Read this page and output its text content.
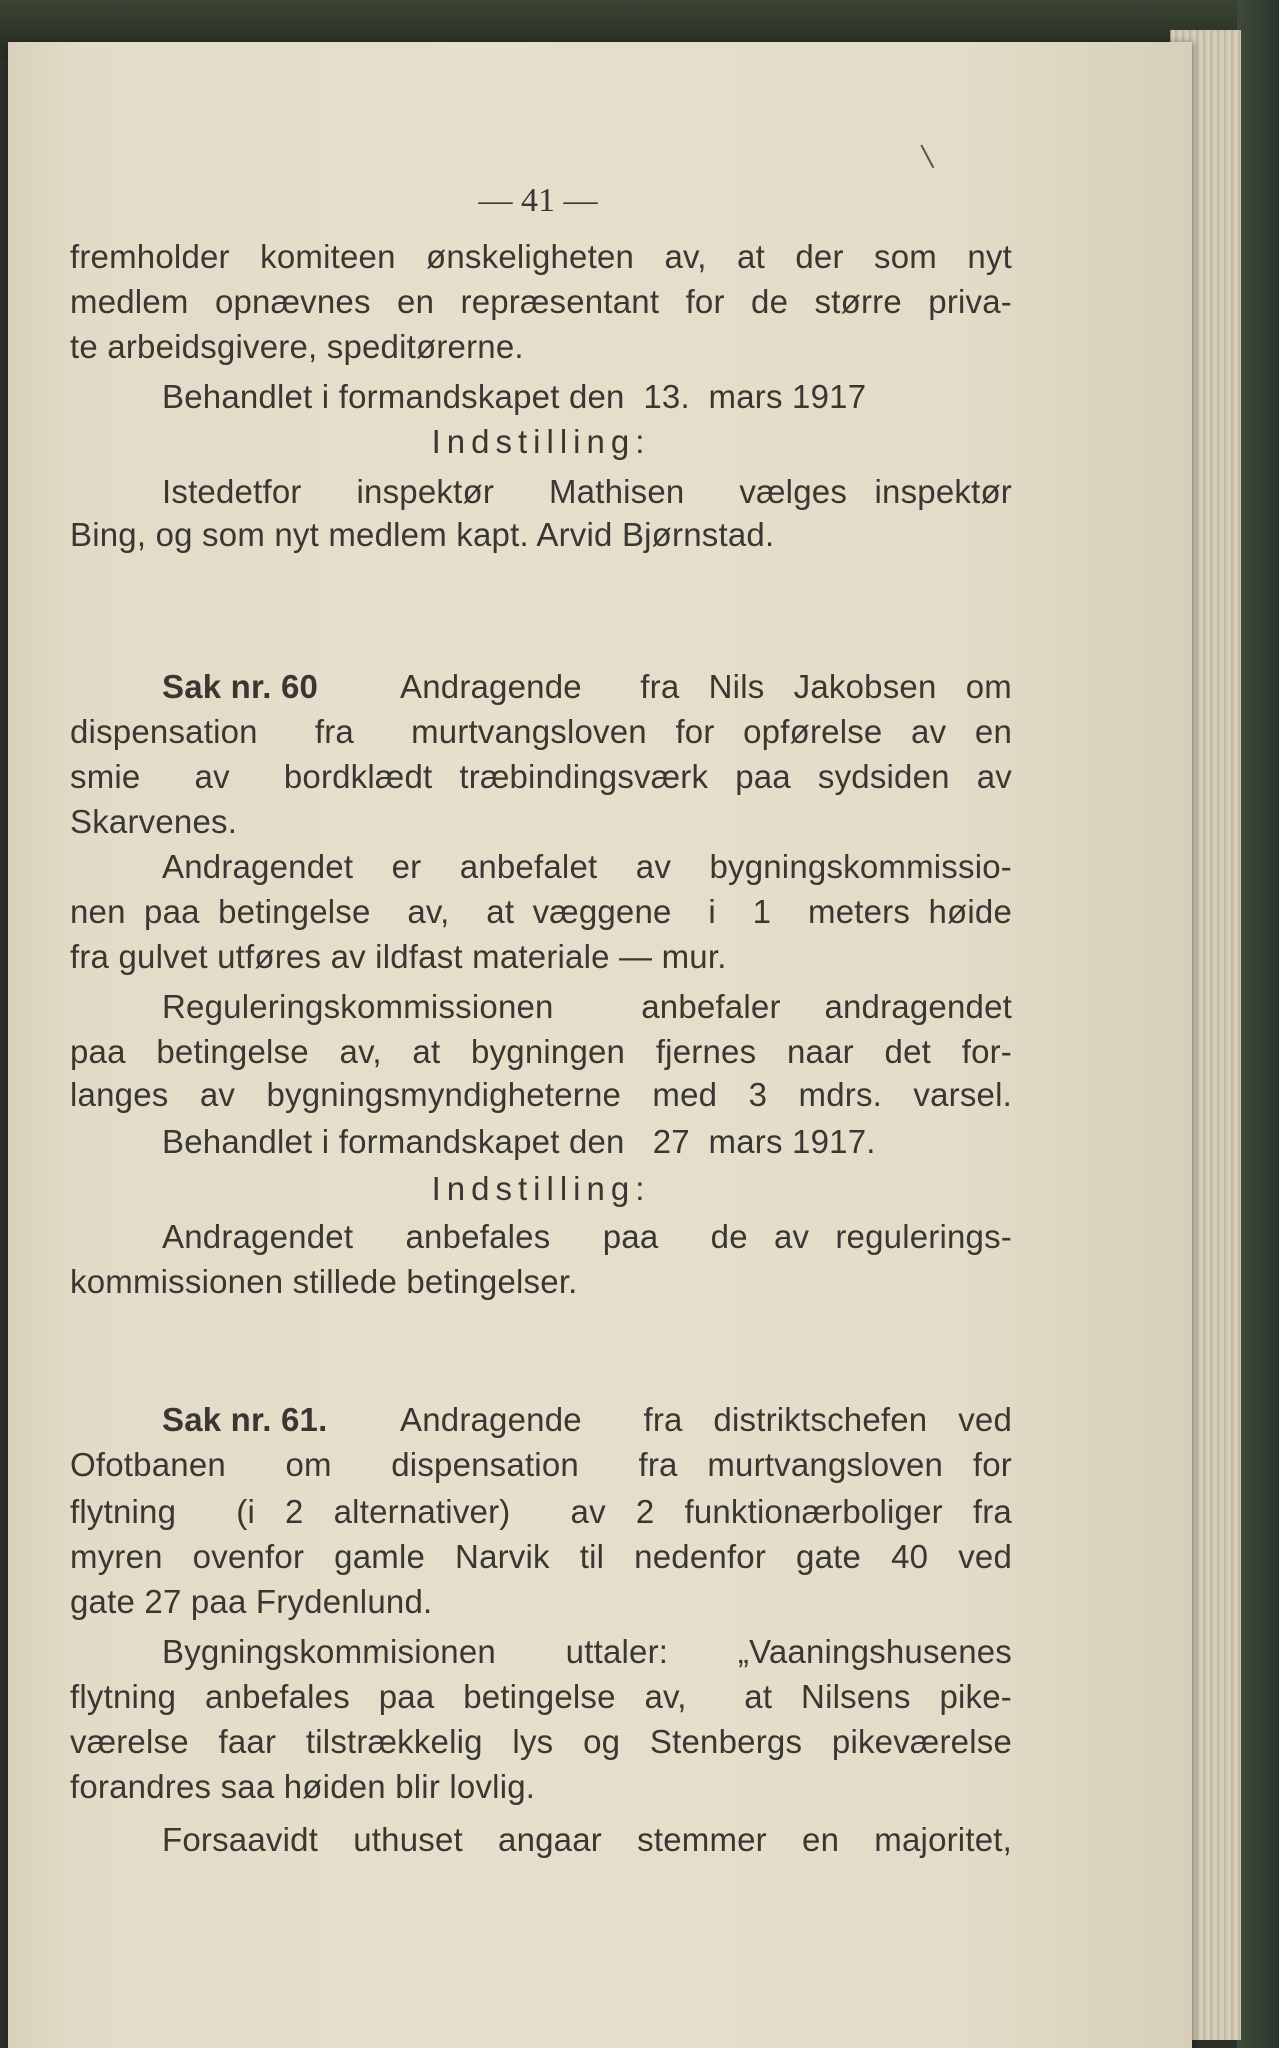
— 41 —
fremholder komiteen ønskeligheten av, at der som nyt
medlem opnævnes en repræsentant for de større priva-
te arbeidsgivere, speditørerne.
Behandlet i formandskapet den  13.  mars 1917
Indstilling:
Istedetfor  inspektør  Mathisen  vælges inspektør
Bing, og som nyt medlem kapt. Arvid Bjørnstad.
Sak nr. 60 Andragende  fra Nils Jakobsen om
dispensation  fra  murtvangsloven for opførelse av en
smie  av  bordklædt træbindingsværk paa sydsiden av
Skarvenes.
Andragendet er anbefalet av bygningskommissio-
nen paa betingelse  av,  at væggene  i  1  meters høide
fra gulvet utføres av ildfast materiale — mur.
Reguleringskommissionen  anbefaler andragendet
paa betingelse av, at bygningen fjernes naar det for-
langes av bygningsmyndigheterne med 3 mdrs. varsel.
Behandlet i formandskapet den   27  mars 1917.
Indstilling:
Andragendet  anbefales  paa  de av regulerings-
kommissionen stillede betingelser.
Sak nr. 61. Andragende  fra distriktschefen ved
Ofotbanen  om  dispensation  fra murtvangsloven for
flytning  (i 2 alternativer)  av 2 funktionærboliger fra
myren ovenfor gamle Narvik til nedenfor gate 40 ved
gate 27 paa Frydenlund.
Bygningskommisionen uttaler: „Vaaningshusenes
flytning anbefales paa betingelse av,  at Nilsens pike-
værelse faar tilstrækkelig lys og Stenbergs pikeværelse
forandres saa høiden blir lovlig.
Forsaavidt uthuset angaar stemmer en majoritet,
